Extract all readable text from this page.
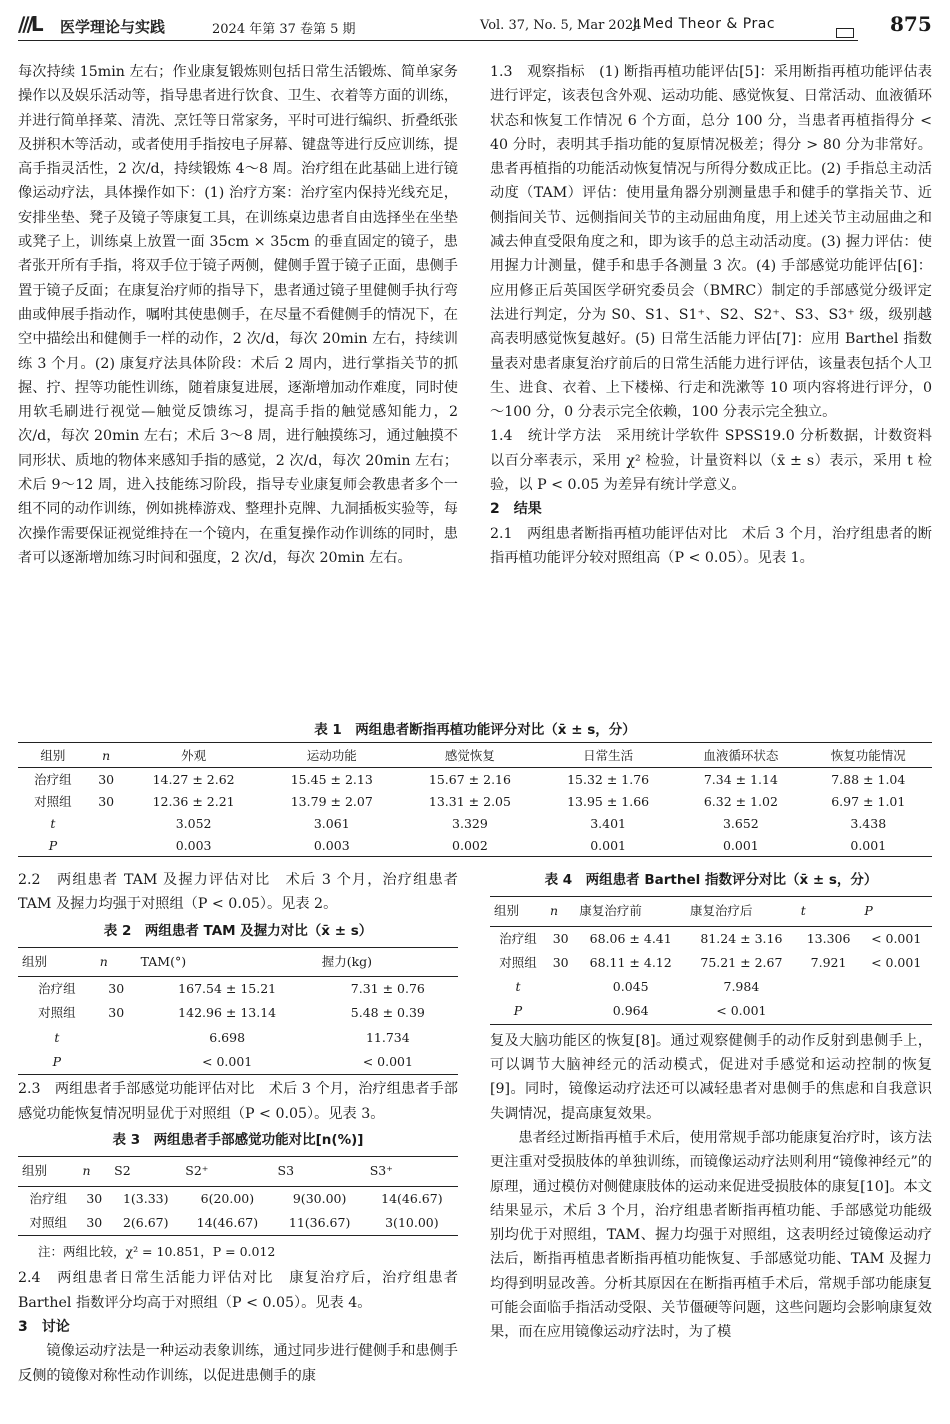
∕∕∕L 医学理论与实践	2024 年第 37 卷第 5 期	Vol. 37, No. 5, Mar 2024
J Med Theor & Prac	875

每次持续 15min 左右；作业康复锻炼则包括日常生活锻炼、简单家务操作以及娱乐活动等，指导患者进行饮食、卫生、衣着等方面的训练，并进行简单择菜、清洗、烹饪等日常家务，平时可进行编织、折叠纸张及拼积木等活动，或者使用手指按电子屏幕、键盘等进行反应训练，提高手指灵活性，2 次/d，持续锻炼 4～8 周。治疗组在此基础上进行镜像运动疗法，具体操作如下：(1) 治疗方案：治疗室内保持光线充足，安排坐垫、凳子及镜子等康复工具，在训练桌边患者自由选择坐在坐垫或凳子上，训练桌上放置一面 35cm × 35cm 的垂直固定的镜子，患者张开所有手指，将双手位于镜子两侧，健侧手置于镜子正面，患侧手置于镜子反面；在康复治疗师的指导下，患者通过镜子里健侧手执行弯曲或伸展手指动作，嘱咐其使患侧手，在尽量不看健侧手的情况下，在空中描绘出和健侧手一样的动作，2 次/d，每次 20min 左右，持续训练 3 个月。(2) 康复疗法具体阶段：术后 2 周内，进行掌指关节的抓握、拧、捏等功能性训练，随着康复进展，逐渐增加动作难度，同时使用软毛刷进行视觉—触觉反馈练习，提高手指的触觉感知能力，2 次/d，每次 20min 左右；术后 3～8 周，进行触摸练习，通过触摸不同形状、质地的物体来感知手指的感觉，2 次/d，每次 20min 左右；术后 9～12 周，进入技能练习阶段，指导专业康复师会教患者多个一组不同的动作训练，例如挑棒游戏、整理扑克牌、九洞插板实验等，每次操作需要保证视觉维持在一个镜内，在重复操作动作训练的同时，患者可以逐渐增加练习时间和强度，2 次/d，每次 20min 左右。

1.3　观察指标　(1) 断指再植功能评估[5]：采用断指再植功能评估表进行评定，该表包含外观、运动功能、感觉恢复、日常活动、血液循环状态和恢复工作情况 6 个方面，总分 100 分，当患者再植指得分 < 40 分时，表明其手指功能的复原情况极差；得分 > 80 分为非常好。患者再植指的功能活动恢复情况与所得分数成正比。(2) 手指总主动活动度（TAM）评估：使用量角器分别测量患手和健手的掌指关节、近侧指间关节、远侧指间关节的主动屈曲角度，用上述关节主动屈曲之和减去伸直受限角度之和，即为该手的总主动活动度。(3) 握力评估：使用握力计测量，健手和患手各测量 3 次。(4) 手部感觉功能评估[6]：应用修正后英国医学研究委员会（BMRC）制定的手部感觉分级评定法进行判定，分为 S0、S1、S1⁺、S2、S2⁺、S3、S3⁺ 级，级别越高表明感觉恢复越好。(5) 日常生活能力评估[7]：应用 Barthel 指数量表对患者康复治疗前后的日常生活能力进行评估，该量表包括个人卫生、进食、衣着、上下楼梯、行走和洗漱等 10 项内容将进行评分，0～100 分，0 分表示完全依赖，100 分表示完全独立。

1.4　统计学方法　采用统计学软件 SPSS19.0 分析数据，计数资料以百分率表示，采用 χ² 检验，计量资料以（x̄ ± s）表示，采用 t 检验，以 P < 0.05 为差异有统计学意义。

2　结果

2.1　两组患者断指再植功能评估对比　术后 3 个月，治疗组患者的断指再植功能评分较对照组高（P < 0.05）。见表 1。

表 1　两组患者断指再植功能评分对比（x̄ ± s，分）
组别	n	外观	运动功能	感觉恢复	日常生活	血液循环状态	恢复功能情况
治疗组	30	14.27 ± 2.62	15.45 ± 2.13	15.67 ± 2.16	15.32 ± 1.76	7.34 ± 1.14	7.88 ± 1.04
对照组	30	12.36 ± 2.21	13.79 ± 2.07	13.31 ± 2.05	13.95 ± 1.66	6.32 ± 1.02	6.97 ± 1.01
t		3.052	3.061	3.329	3.401	3.652	3.438
P		0.003	0.003	0.002	0.001	0.001	0.001

2.2　两组患者 TAM 及握力评估对比　术后 3 个月，治疗组患者 TAM 及握力均强于对照组（P < 0.05）。见表 2。

表 2　两组患者 TAM 及握力对比（x̄ ± s）
组别	n	TAM(°)	握力(kg)
治疗组	30	167.54 ± 15.21	7.31 ± 0.76
对照组	30	142.96 ± 13.14	5.48 ± 0.39
t		6.698	11.734
P		< 0.001	< 0.001

2.3　两组患者手部感觉功能评估对比　术后 3 个月，治疗组患者手部感觉功能恢复情况明显优于对照组（P < 0.05）。见表 3。

表 3　两组患者手部感觉功能对比[n(%)]
组别	n	S2	S2⁺	S3	S3⁺
治疗组	30	1(3.33)	6(20.00)	9(30.00)	14(46.67)
对照组	30	2(6.67)	14(46.67)	11(36.67)	3(10.00)
注：两组比较，χ² = 10.851，P = 0.012

2.4　两组患者日常生活能力评估对比　康复治疗后，治疗组患者 Barthel 指数评分均高于对照组（P < 0.05）。见表 4。

3　讨论

镜像运动疗法是一种运动表象训练，通过同步进行健侧手和患侧手反侧的镜像对称性动作训练，以促进患侧手的康

表 4　两组患者 Barthel 指数评分对比（x̄ ± s，分）
组别	n	康复治疗前	康复治疗后	t	P
治疗组	30	68.06 ± 4.41	81.24 ± 3.16	13.306	< 0.001
对照组	30	68.11 ± 4.12	75.21 ± 2.67	7.921	< 0.001
t		0.045	7.984		
P		0.964	< 0.001		

复及大脑功能区的恢复[8]。通过观察健侧手的动作反射到患侧手上，可以调节大脑神经元的活动模式，促进对手感觉和运动控制的恢复[9]。同时，镜像运动疗法还可以减轻患者对患侧手的焦虑和自我意识失调情况，提高康复效果。

患者经过断指再植手术后，使用常规手部功能康复治疗时，该方法更注重对受损肢体的单独训练，而镜像运动疗法则利用“镜像神经元”的原理，通过模仿对侧健康肢体的运动来促进受损肢体的康复[10]。本文结果显示，术后 3 个月，治疗组患者断指再植功能、手部感觉功能级别均优于对照组，TAM、握力均强于对照组，这表明经过镜像运动疗法后，断指再植患者断指再植功能恢复、手部感觉功能、TAM 及握力均得到明显改善。分析其原因在在断指再植手术后，常规手部功能康复可能会面临手指活动受限、关节僵硬等问题，这些问题均会影响康复效果，而在应用镜像运动疗法时，为了模
